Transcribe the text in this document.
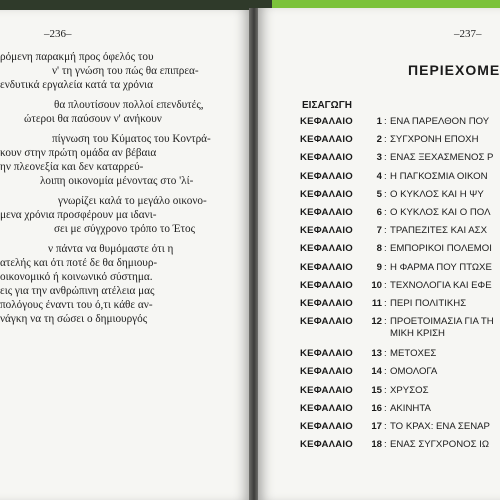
–236–
ρόμενη παρακμή προς όφελός του
ν' τη γνώση του πώς θα επιπρεα-
ενδυτικά εργαλεία κατά τα χρόνια
θα πλουτίσουν πολλοί επενδυτές,
ώτεροι θα παύσουν ν' ανήκουν
πίγνωση του Κύματος του Κοντρά-
κουν στην πρώτη ομάδα αν βέβαια
ην πλεονεξία και δεν καταρρεύ-
λοιπη οικονομία μένοντας στο 'λί-
γνωρίζει καλά το μεγάλο οικονο-
μενα χρόνια προσφέρουν μα ιδανι-
σει με σύγχρονο τρόπο το Έτος
ν πάντα να θυμόμαστε ότι η
ατελής και ότι ποτέ δε θα δημιουρ-
οικονομικό ή κοινωνικό σύστημα.
εις για την ανθρώπινη ατέλεια μας
πολόγους έναντι του ό,τι κάθε αν-
νάγκη να τη σώσει ο δημιουργός
–237–
ΠΕΡΙΕΧΟΜΕ
ΕΙΣΑΓΩΓΗ
ΚΕΦΑΛΑΙΟ	1 : ΕΝΑ ΠΑΡΕΛΘΟΝ ΠΟΥ
ΚΕΦΑΛΑΙΟ	2 : ΣΥΓΧΡΟΝΗ ΕΠΟΧΗ
ΚΕΦΑΛΑΙΟ	3 : ΕΝΑΣ ΞΕΧΑΣΜΕΝΟΣ Ρ
ΚΕΦΑΛΑΙΟ	4 : Η ΠΑΓΚΟΣΜΙΑ ΟΙΚΟΝ
ΚΕΦΑΛΑΙΟ	5 : Ο ΚΥΚΛΟΣ ΚΑΙ Η ΨΥ
ΚΕΦΑΛΑΙΟ	6 : Ο ΚΥΚΛΟΣ ΚΑΙ Ο ΠΟΛ
ΚΕΦΑΛΑΙΟ	7 : ΤΡΑΠΕΖΙΤΕΣ ΚΑΙ ΑΣΧ
ΚΕΦΑΛΑΙΟ	8 : ΕΜΠΟΡΙΚΟΙ ΠΟΛΕΜΟΙ
ΚΕΦΑΛΑΙΟ	9 : Η ΦΑΡΜΑ ΠΟΥ ΠΤΩΧΕ
ΚΕΦΑΛΑΙΟ	10 : ΤΕΧΝΟΛΟΓΙΑ ΚΑΙ ΕΦΕ
ΚΕΦΑΛΑΙΟ	11 : ΠΕΡΙ ΠΟΛΙΤΙΚΗΣ
ΚΕΦΑΛΑΙΟ	12 : ΠΡΟΕΤΟΙΜΑΣΙΑ ΓΙΑ ΤΗ
ΜΙΚΗ ΚΡΙΣΗ
ΚΕΦΑΛΑΙΟ	13 : ΜΕΤΟΧΕΣ
ΚΕΦΑΛΑΙΟ	14 : ΟΜΟΛΟΓΑ
ΚΕΦΑΛΑΙΟ	15 : ΧΡΥΣΟΣ
ΚΕΦΑΛΑΙΟ	16 : ΑΚΙΝΗΤΑ
ΚΕΦΑΛΑΙΟ	17 : ΤΟ ΚΡΑΧ: ΕΝΑ ΣΕΝΑΡ
ΚΕΦΑΛΑΙΟ	18 : ΕΝΑΣ ΣΥΓΧΡΟΝΟΣ ΙΩ
